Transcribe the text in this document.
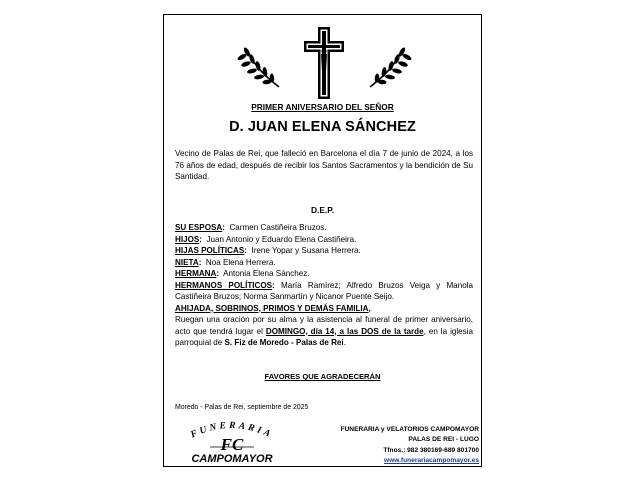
PRIMER ANIVERSARIO DEL SEÑOR
D. JUAN ELENA SÁNCHEZ
Vecino de Palas de Rei, que falleció en Barcelona el día 7 de junio de 2024, a los 76 años de edad, después de recibir los Santos Sacramentos y la bendición de Su Santidad.
D.E.P.

SU ESPOSA: Carmen Castiñeira Bruzos.

HIJOS: Juan Antonio y Eduardo Elena Castiñeira.

HIJAS POLÍTICAS: Irene Yopar y Susana Herrera.

NIETA: Noa Elena Herrera.

HERMANA: Antonia Elena Sánchez.

HERMANOS POLÍTICOS: María Ramírez; Alfredo Bruzos Veiga y Manola Castiñeira Bruzos; Norma Sanmartín y Nicanor Puente Seijo.

AHIJADA, SOBRINOS, PRIMOS Y DEMÁS FAMILIA,

Ruegan una oración por su alma y la asistencia al funeral de primer aniversario, acto que tendrá lugar el DOMINGO, día 14, a las DOS de la tarde, en la iglesia parroquial de S. Fiz de Moredo - Palas de Rei.

FAVORES QUE AGRADECERÁN
Moredo - Palas de Rei, septiembre de 2025
FUNERARIA
FC
CAMPOMAYOR
FUNERARIA y VELATORIOS CAMPOMAYOR
PALAS DE REI - LUGO
Tfnos.: 982 380169-689 801700
www.funerariacampomayor.es
